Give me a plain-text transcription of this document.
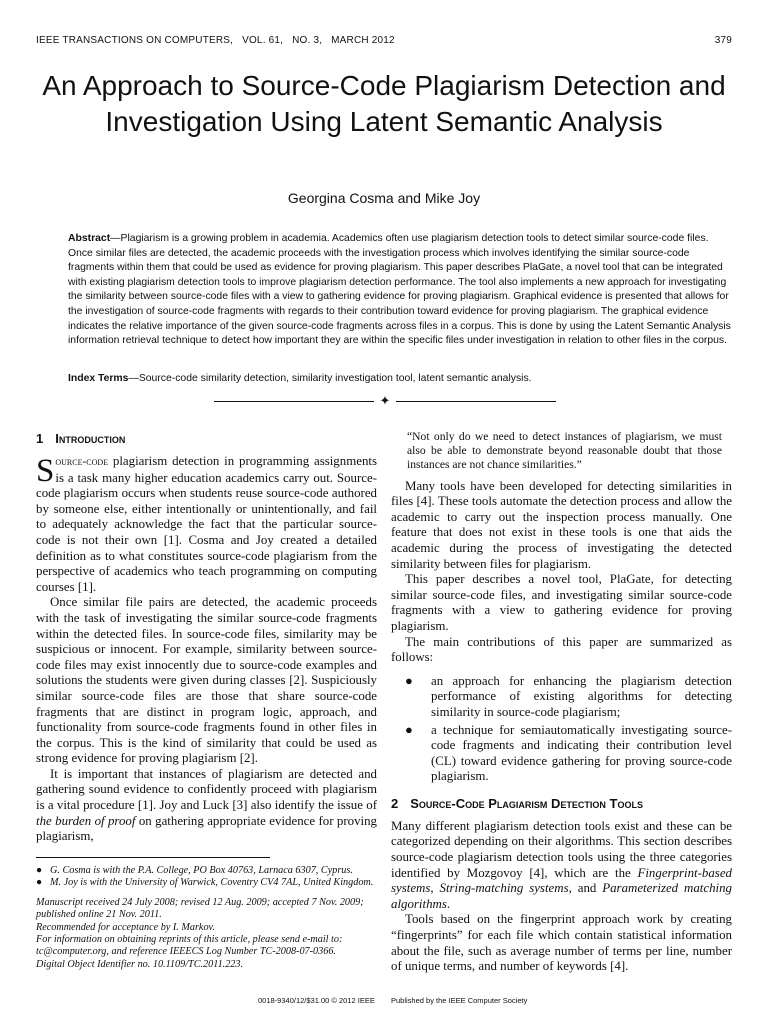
IEEE TRANSACTIONS ON COMPUTERS,   VOL. 61,   NO. 3,   MARCH 2012	379
An Approach to Source-Code Plagiarism Detection and Investigation Using Latent Semantic Analysis
Georgina Cosma and Mike Joy

Abstract—Plagiarism is a growing problem in academia. Academics often use plagiarism detection tools to detect similar source-code files. Once similar files are detected, the academic proceeds with the investigation process which involves identifying the similar source-code fragments within them that could be used as evidence for proving plagiarism. This paper describes PlaGate, a novel tool that can be integrated with existing plagiarism detection tools to improve plagiarism detection performance. The tool also implements a new approach for investigating the similarity between source-code files with a view to gathering evidence for proving plagiarism. Graphical evidence is presented that allows for the investigation of source-code fragments with regards to their contribution toward evidence for proving plagiarism. The graphical evidence indicates the relative importance of the given source-code fragments across files in a corpus. This is done by using the Latent Semantic Analysis information retrieval technique to detect how important they are within the specific files under investigation in relation to other files in the corpus.

Index Terms—Source-code similarity detection, similarity investigation tool, latent semantic analysis.

✦
1 Introduction

Source-code plagiarism detection in programming assignments is a task many higher education academics carry out. Source-code plagiarism occurs when students reuse source-code authored by someone else, either intentionally or unintentionally, and fail to adequately acknowledge the fact that the particular source-code is not their own [1]. Cosma and Joy created a detailed definition as to what constitutes source-code plagiarism from the perspective of academics who teach programming on computing courses [1].

Once similar file pairs are detected, the academic proceeds with the task of investigating the similar source-code fragments within the detected files. In source-code files, similarity may be suspicious or innocent. For example, similarity between source-code files may exist innocently due to source-code examples and solutions the students were given during classes [2]. Suspiciously similar source-code files are those that share source-code fragments that are distinct in program logic, approach, and functionality from source-code fragments found in other files in the corpus. This is the kind of similarity that could be used as strong evidence for proving plagiarism [2].

It is important that instances of plagiarism are detected and gathering sound evidence to confidently proceed with plagiarism is a vital procedure [1]. Joy and Luck [3] also identify the issue of the burden of proof on gathering appropriate evidence for proving plagiarism,

“Not only do we need to detect instances of plagiarism, we must also be able to demonstrate beyond reasonable doubt that those instances are not chance similarities.”

Many tools have been developed for detecting similarities in files [4]. These tools automate the detection process and allow the academic to carry out the inspection process manually. One feature that does not exist in these tools is one that aids the academic during the process of investigating the detected similarity between files for plagiarism.

This paper describes a novel tool, PlaGate, for detecting similar source-code files, and investigating similar source-code fragments with a view to gathering evidence for proving plagiarism.

The main contributions of this paper are summarized as follows:

● an approach for enhancing the plagiarism detection performance of existing algorithms for detecting similarity in source-code plagiarism;
● a technique for semiautomatically investigating source-code fragments and indicating their contribution level (CL) toward evidence gathering for proving source-code plagiarism.
2 Source-Code Plagiarism Detection Tools

Many different plagiarism detection tools exist and these can be categorized depending on their algorithms. This section describes source-code plagiarism detection tools using the three categories identified by Mozgovoy [4], which are the Fingerprint-based systems, String-matching systems, and Parameterized matching algorithms.

Tools based on the fingerprint approach work by creating “fingerprints” for each file which contain statistical information about the file, such as average number of terms per line, number of unique terms, and number of keywords [4].

● G. Cosma is with the P.A. College, PO Box 40763, Larnaca 6307, Cyprus.

● M. Joy is with the University of Warwick, Coventry CV4 7AL, United Kingdom.

Manuscript received 24 July 2008; revised 12 Aug. 2009; accepted 7 Nov. 2009; published online 21 Nov. 2011.
Recommended for acceptance by I. Markov.
For information on obtaining reprints of this article, please send e-mail to: tc@computer.org, and reference IEEECS Log Number TC-2008-07-0366.
Digital Object Identifier no. 10.1109/TC.2011.223.
0018-9340/12/$31.00 © 2012 IEEE Published by the IEEE Computer Society
